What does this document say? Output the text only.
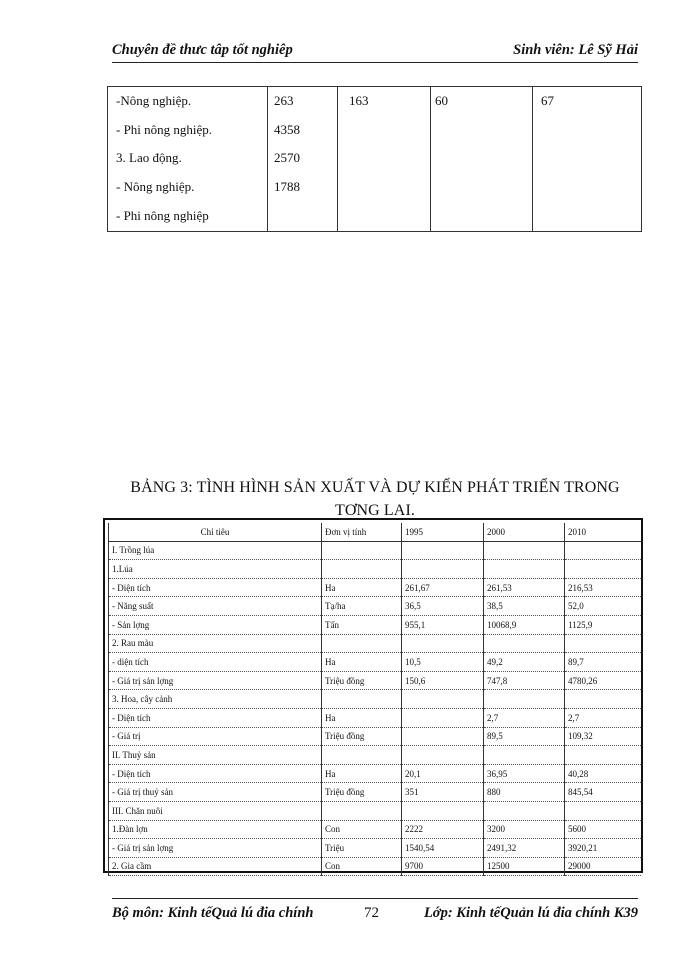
Chuyên đề thưc tâp tốt nghiêp	Sinh viên: Lê Sỹ Hải
-Nông nghiệp.	263	163	60	67
- Phi nông nghiệp.	4358
3. Lao động.	2570
- Nông nghiệp.	1788
- Phi nông nghiệp
BẢNG 3: TÌNH HÌNH SẢN XUẤT VÀ DỰ KIẾN PHÁT TRIỂN TRONG
TƠNG LAI.
Chỉ tiêu	Đơn vị tính	1995	2000	2010
I. Trồng lúa				
1.Lúa				
- Diện tích	Ha	261,67	261,53	216,53
- Năng suất	Tạ/ha	36,5	38,5	52,0
- Sản lợng	Tấn	955,1	10068,9	1125,9
2. Rau màu				
- diện tích	Ha	10,5	49,2	89,7
- Giá trị sản lợng	Triệu đồng	150,6	747,8	4780,26
3. Hoa, cây cảnh				
- Diện tích	Ha		2,7	2,7
- Giá trị	Triệu đồng		89,5	109,32
II. Thuỷ sản				
- Diện tích	Ha	20,1	36,95	40,28
- Giá trị thuỷ sản	Triệu đồng	351	880	845,54
III. Chăn nuôi				
1.Đàn lợn	Con	2222	3200	5600
- Giá trị sản lợng	Triệu	1540,54	2491,32	3920,21
2. Gia cầm	Con	9700	12500	29000
Bộ môn: Kinh tếQuả lú đia chính	72	Lớp: Kinh tếQuản lú đia chính K39
